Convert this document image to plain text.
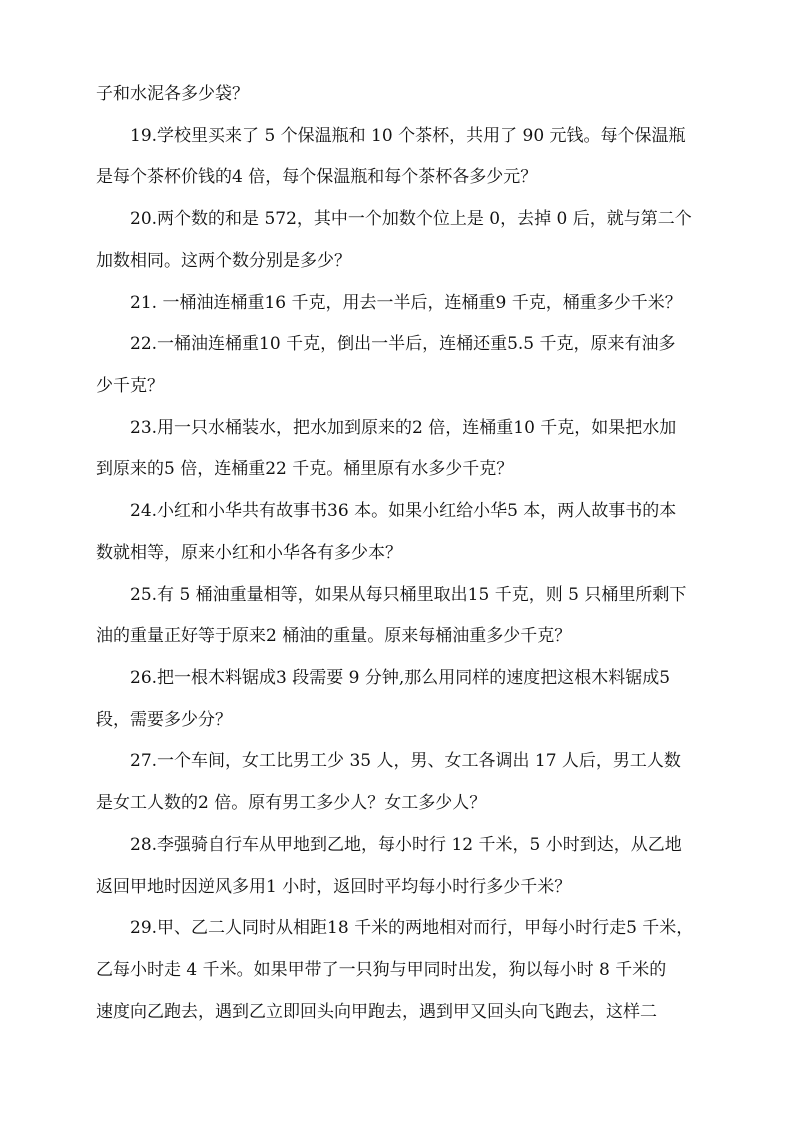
子和水泥各多少袋？

19.学校里买来了 5 个保温瓶和 10 个茶杯，共用了 90 元钱。每个保温瓶

是每个茶杯价钱的4 倍，每个保温瓶和每个茶杯各多少元？

20.两个数的和是 572，其中一个加数个位上是 0，去掉 0 后，就与第二个

加数相同。这两个数分别是多少？

21. 一桶油连桶重16 千克，用去一半后，连桶重9 千克，桶重多少千米？

22.一桶油连桶重10 千克，倒出一半后，连桶还重5.5 千克，原来有油多

少千克？

23.用一只水桶装水，把水加到原来的2 倍，连桶重10 千克，如果把水加

到原来的5 倍，连桶重22 千克。桶里原有水多少千克？

24.小红和小华共有故事书36 本。如果小红给小华5 本，两人故事书的本

数就相等，原来小红和小华各有多少本？

25.有 5 桶油重量相等，如果从每只桶里取出15 千克，则 5 只桶里所剩下

油的重量正好等于原来2 桶油的重量。原来每桶油重多少千克？

26.把一根木料锯成3 段需要 9 分钟,那么用同样的速度把这根木料锯成5

段，需要多少分？

27.一个车间，女工比男工少 35 人，男、女工各调出 17 人后，男工人数

是女工人数的2 倍。原有男工多少人？女工多少人？

28.李强骑自行车从甲地到乙地，每小时行 12 千米，5 小时到达，从乙地

返回甲地时因逆风多用1 小时，返回时平均每小时行多少千米？

29.甲、乙二人同时从相距18 千米的两地相对而行，甲每小时行走5 千米，

乙每小时走 4 千米。如果甲带了一只狗与甲同时出发，狗以每小时 8 千米的

速度向乙跑去，遇到乙立即回头向甲跑去，遇到甲又回头向飞跑去，这样二
